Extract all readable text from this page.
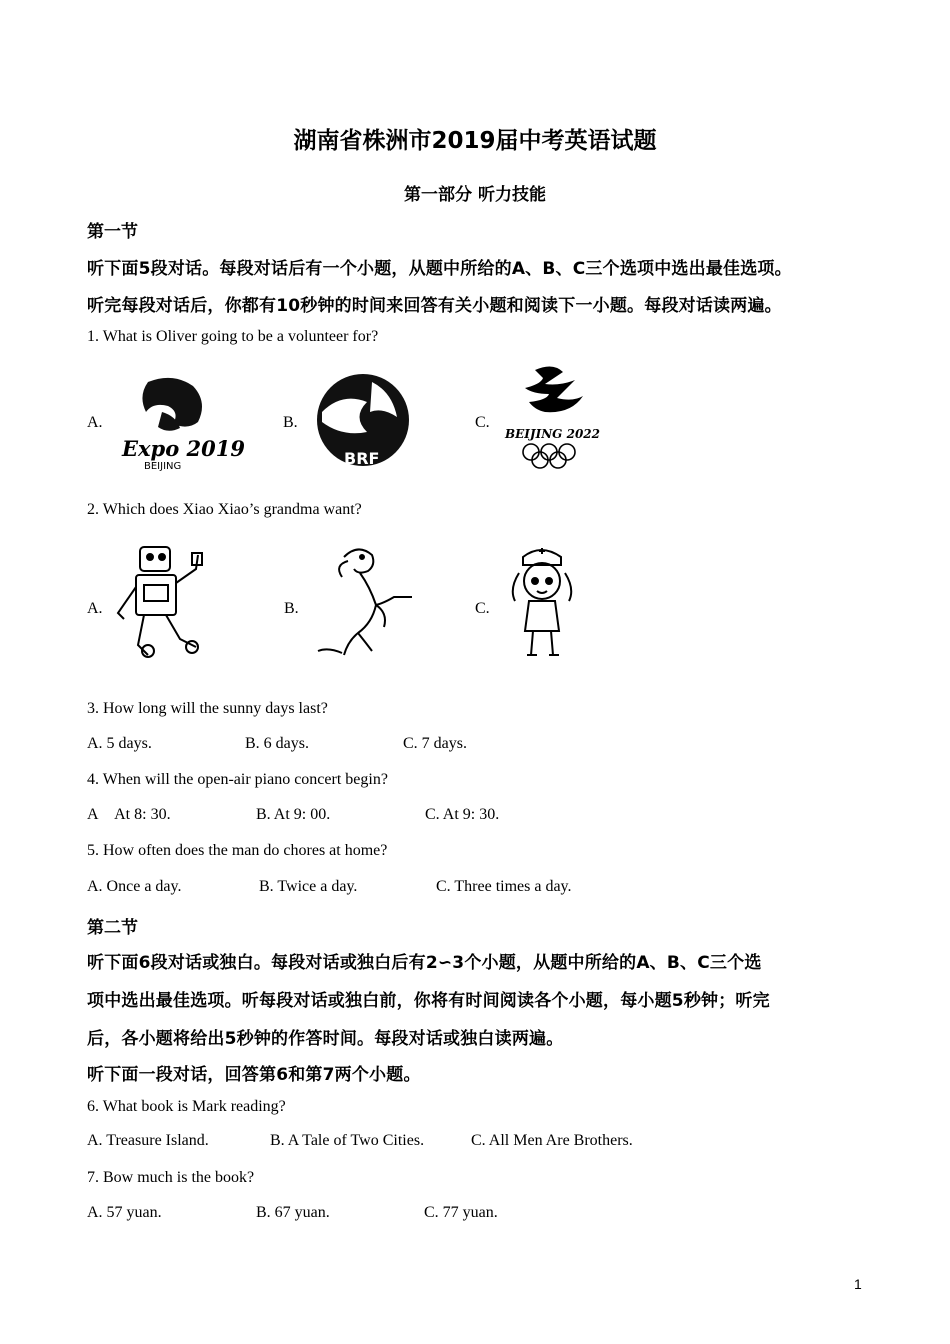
湖南省株洲市2019届中考英语试题
第一部分 听力技能
第一节
听下面5段对话。每段对话后有一个小题，从题中所给的A、B、C三个选项中选出最佳选项。
听完每段对话后，你都有10秒钟的时间来回答有关小题和阅读下一小题。每段对话读两遍。
1. What is Oliver going to be a volunteer for?
A.	B.	C.
Expo 2019
BEIJING	BRF
BEIJING 2022
2. Which does Xiao Xiao’s grandma want?
A.	B.	C.
3. How long will the sunny days last?
A. 5 days.	B. 6 days.	C. 7 days.
4. When will the open-air piano concert begin?
A  At 8: 30.	B. At 9: 00.	C. At 9: 30.
5. How often does the man do chores at home?
A. Once a day.	B. Twice a day.	C. Three times a day.
第二节
听下面6段对话或独白。每段对话或独白后有2∽3个小题，从题中所给的A、B、C三个选
项中选出最佳选项。听每段对话或独白前，你将有时间阅读各个小题，每小题5秒钟；听完
后，各小题将给出5秒钟的作答时间。每段对话或独白读两遍。
听下面一段对话，回答第6和第7两个小题。
6. What book is Mark reading?
A. Treasure Island.	B. A Tale of Two Cities.	C. All Men Are Brothers.
7. Bow much is the book?
A. 57 yuan.	B. 67 yuan.	C. 77 yuan.
1
